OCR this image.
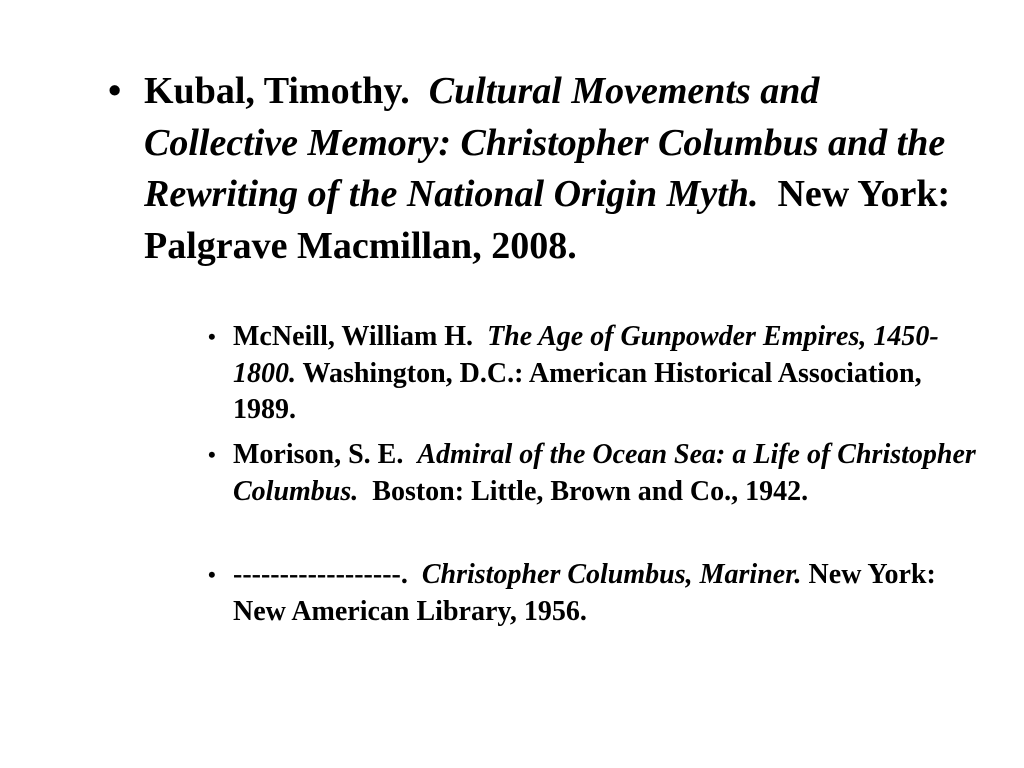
• Kubal, Timothy. Cultural Movements and Collective Memory: Christopher Columbus and the Rewriting of the National Origin Myth. New York: Palgrave Macmillan, 2008.
• McNeill, William H. The Age of Gunpowder Empires, 1450-1800. Washington, D.C.: American Historical Association, 1989.
• Morison, S. E. Admiral of the Ocean Sea: a Life of Christopher Columbus. Boston: Little, Brown and Co., 1942.
• ------------------. Christopher Columbus, Mariner. New York: New American Library, 1956.
